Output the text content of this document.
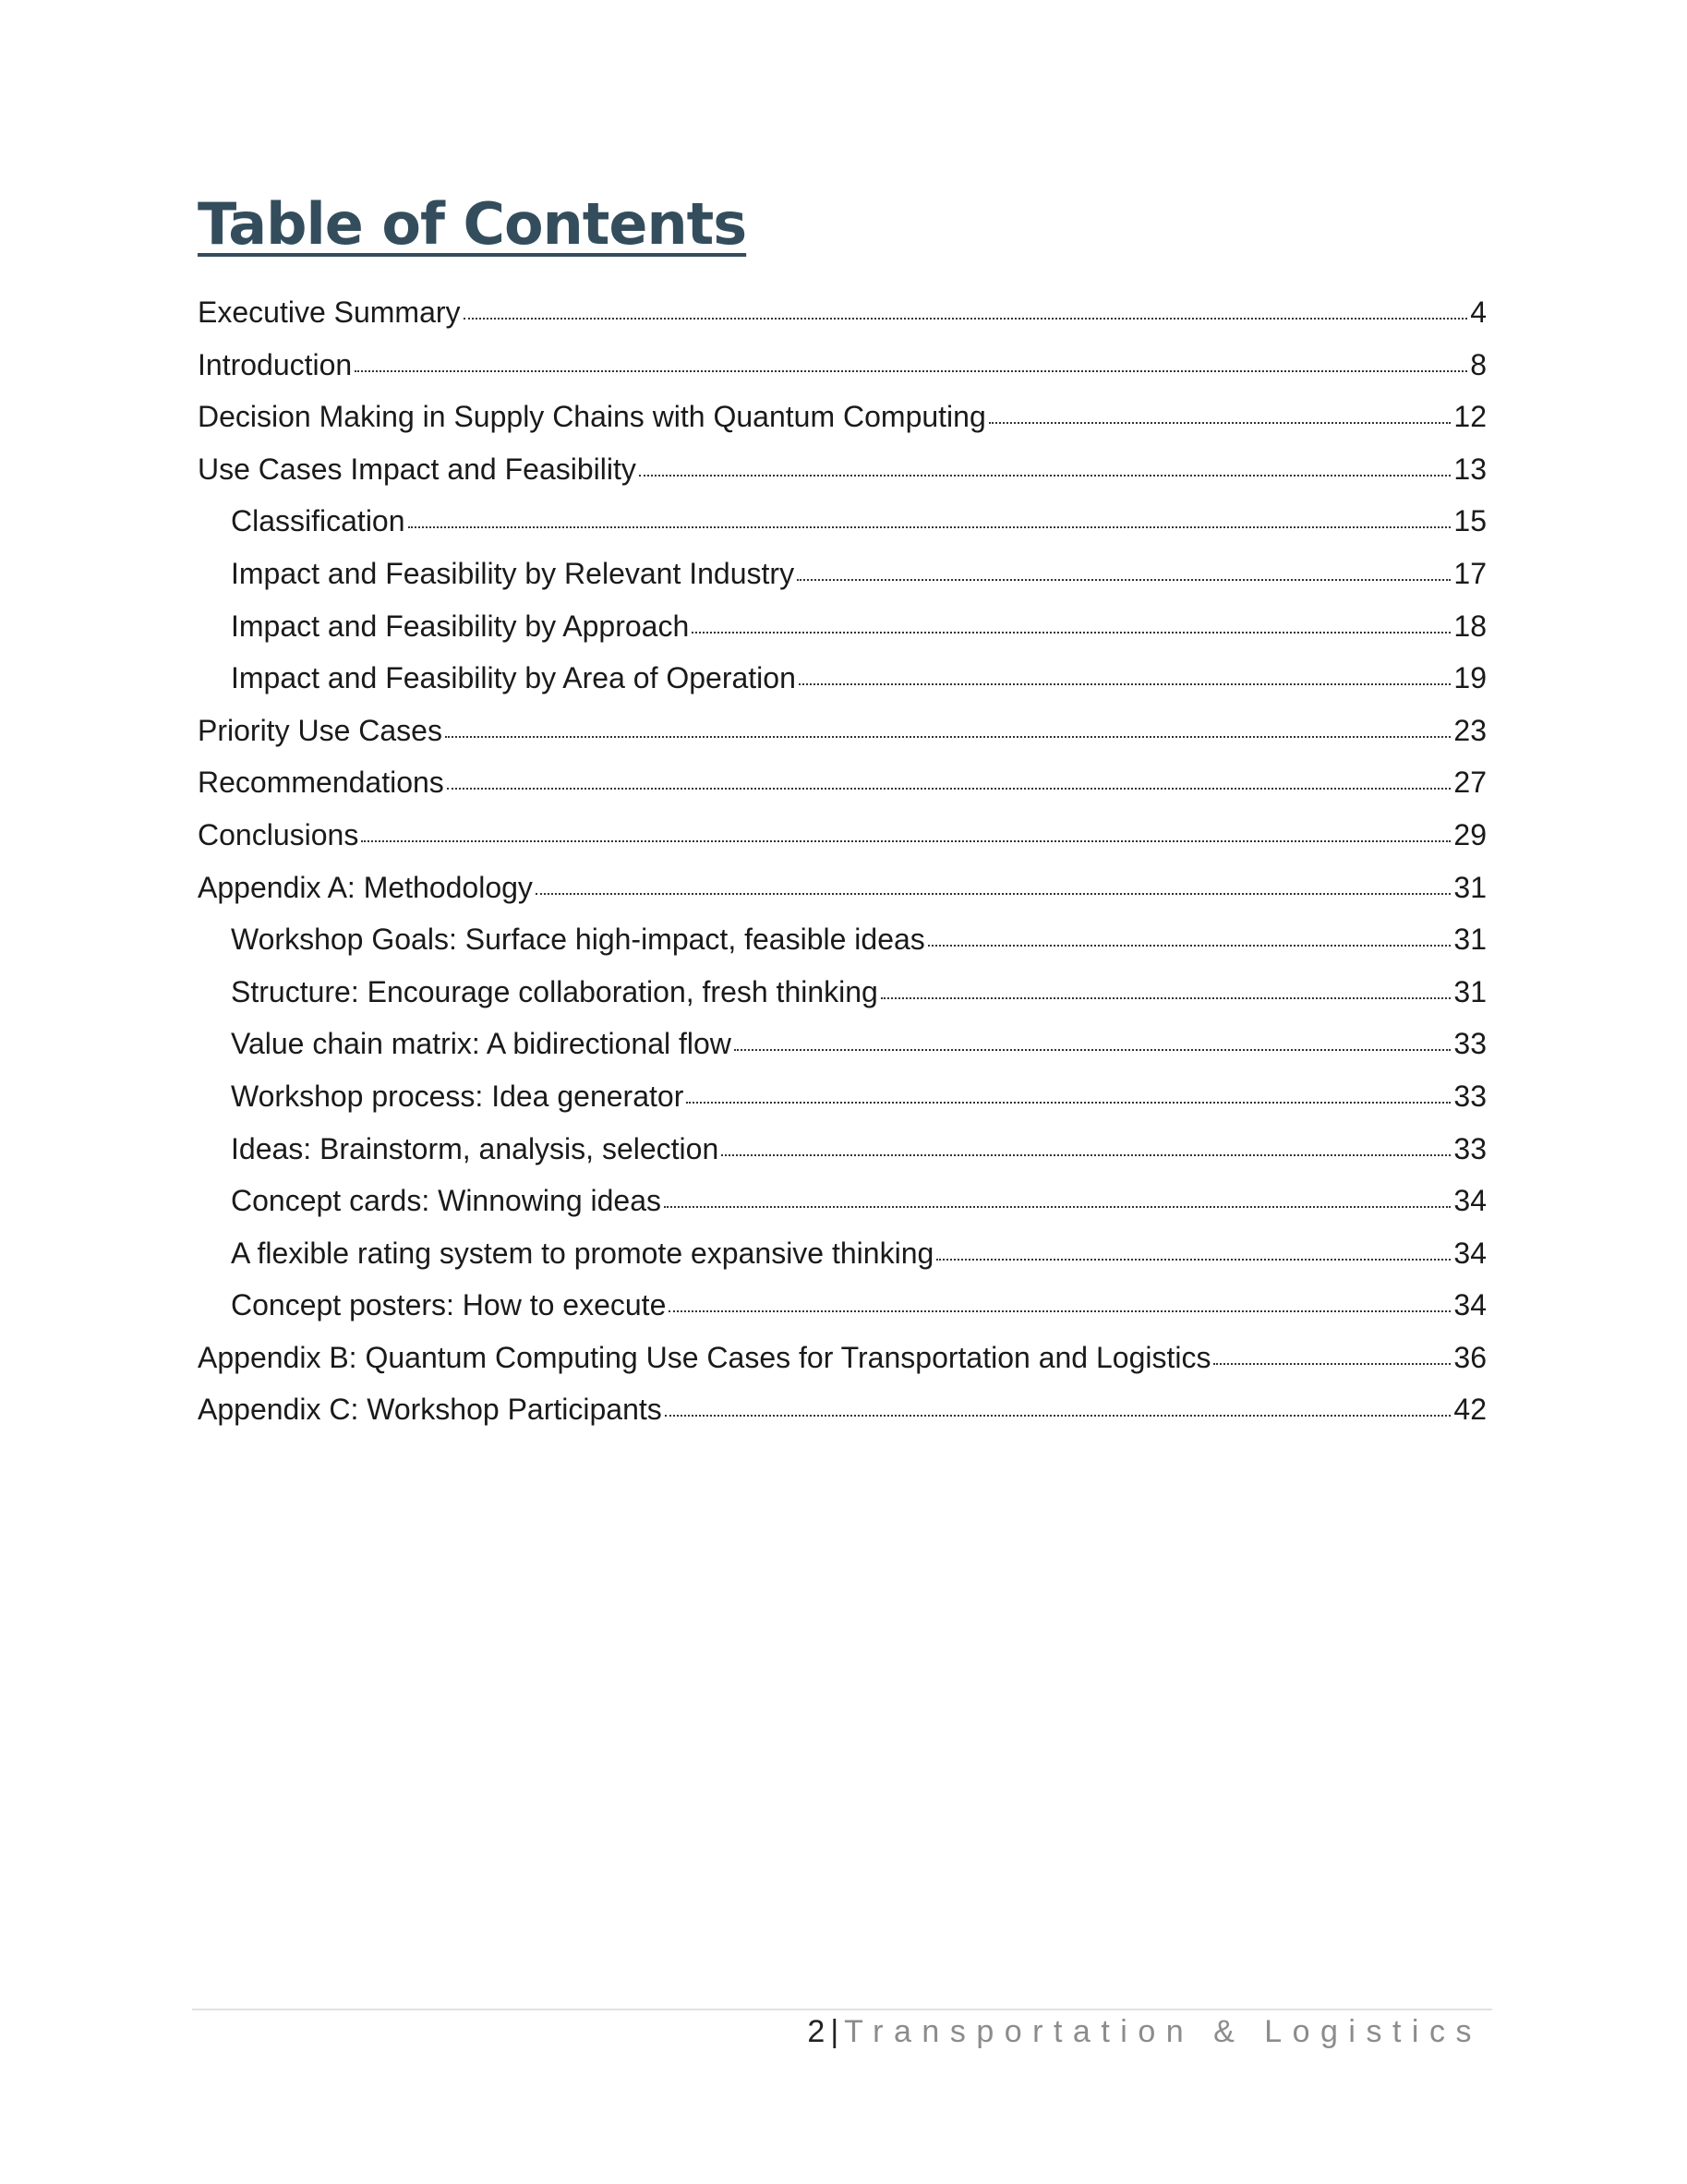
Table of Contents
Executive Summary	4
Introduction	8
Decision Making in Supply Chains with Quantum Computing	12
Use Cases Impact and Feasibility	13
Classification	15
Impact and Feasibility by Relevant Industry	17
Impact and Feasibility by Approach	18
Impact and Feasibility by Area of Operation	19
Priority Use Cases	23
Recommendations	27
Conclusions	29
Appendix A: Methodology	31
Workshop Goals: Surface high-impact, feasible ideas	31
Structure: Encourage collaboration, fresh thinking	31
Value chain matrix: A bidirectional flow	33
Workshop process: Idea generator	33
Ideas: Brainstorm, analysis, selection	33
Concept cards: Winnowing ideas	34
A flexible rating system to promote expansive thinking	34
Concept posters: How to execute	34
Appendix B: Quantum Computing Use Cases for Transportation and Logistics	36
Appendix C: Workshop Participants	42
2 | Transportation & Logistics
